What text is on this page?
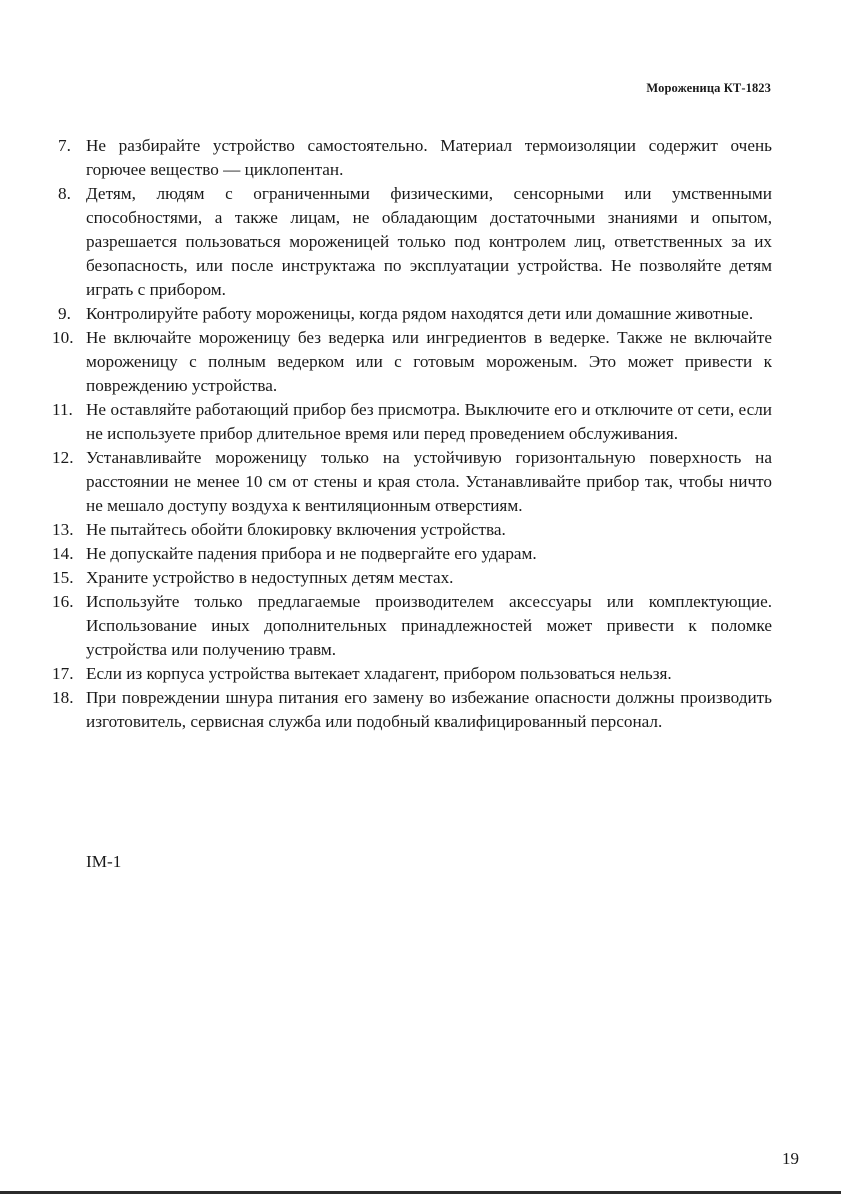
Мороженица КТ-1823
7. Не разбирайте устройство самостоятельно. Материал термоизоляции содержит очень горючее вещество — циклопентан.
8. Детям, людям с ограниченными физическими, сенсорными или умственными способностями, а также лицам, не обладающим достаточными знаниями и опытом, разрешается пользоваться мороженицей только под контролем лиц, ответственных за их безопасность, или после инструктажа по эксплуатации устройства. Не позволяйте детям играть с прибором.
9. Контролируйте работу мороженицы, когда рядом находятся дети или домашние животные.
10. Не включайте мороженицу без ведерка или ингредиентов в ведерке. Также не включайте мороженицу с полным ведерком или с готовым мороженым. Это может привести к повреждению устройства.
11. Не оставляйте работающий прибор без присмотра. Выключите его и отключите от сети, если не используете прибор длительное время или перед проведением обслуживания.
12. Устанавливайте мороженицу только на устойчивую горизонтальную поверхность на расстоянии не менее 10 см от стены и края стола. Устанавливайте прибор так, чтобы ничто не мешало доступу воздуха к вентиляционным отверстиям.
13. Не пытайтесь обойти блокировку включения устройства.
14. Не допускайте падения прибора и не подвергайте его ударам.
15. Храните устройство в недоступных детям местах.
16. Используйте только предлагаемые производителем аксессуары или комплектующие. Использование иных дополнительных принадлежностей может привести к поломке устройства или получению травм.
17. Если из корпуса устройства вытекает хладагент, прибором пользоваться нельзя.
18. При повреждении шнура питания его замену во избежание опасности должны производить изготовитель, сервисная служба или подобный квалифицированный персонал.
IM-1
19
